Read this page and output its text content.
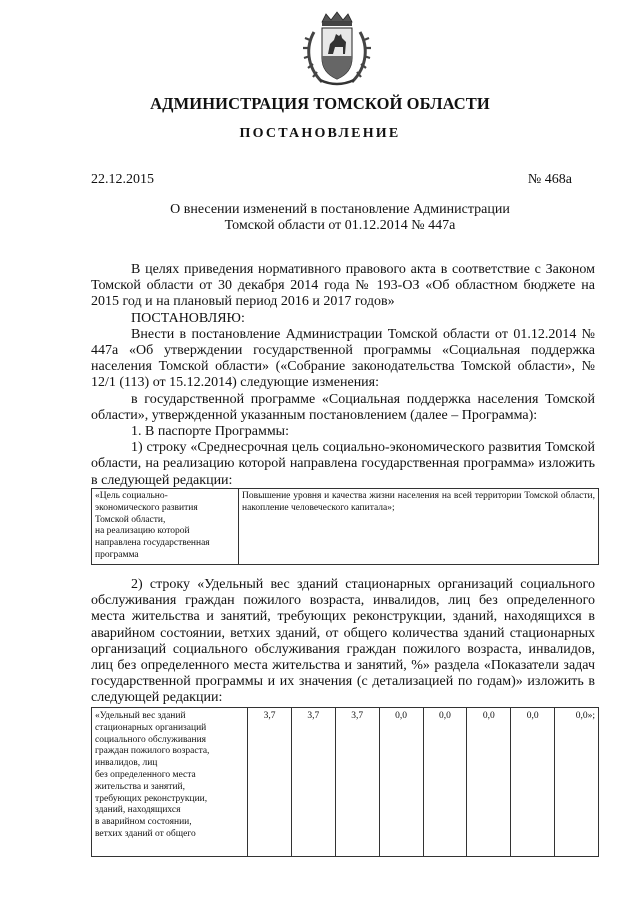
АДМИНИСТРАЦИЯ ТОМСКОЙ ОБЛАСТИ
ПОСТАНОВЛЕНИЕ
22.12.2015	№ 468а
О внесении изменений в постановление Администрации
Томской области от 01.12.2014 № 447а

В целях приведения нормативного правового акта в соответствие с Законом Томской области от 30 декабря 2014 года № 193-ОЗ «Об областном бюджете на 2015 год и на плановый период 2016 и 2017 годов»

ПОСТАНОВЛЯЮ:

Внести в постановление Администрации Томской области от 01.12.2014 № 447а «Об утверждении государственной программы «Социальная поддержка населения Томской области» («Собрание законодательства Томской области», № 12/1 (113) от 15.12.2014) следующие изменения:

в государственной программе «Социальная поддержка населения Томской области», утвержденной указанным постановлением (далее – Программа):

1. В паспорте Программы:

1) строку «Среднесрочная цель социально-экономического развития Томской области, на реализацию которой направлена государственная программа» изложить в следующей редакции:

«Цель социально-
экономического развития
Томской области,
на реализацию которой
направлена государственная
программа
	Повышение уровня и качества жизни населения на всей территории Томской области, накопление человеческого капитала»;

2) строку «Удельный вес зданий стационарных организаций социального обслуживания граждан пожилого возраста, инвалидов, лиц без определенного места жительства и занятий, требующих реконструкции, зданий, находящихся в аварийном состоянии, ветхих зданий, от общего количества зданий стационарных организаций социального обслуживания граждан пожилого возраста, инвалидов, лиц без определенного места жительства и занятий, %» раздела «Показатели задач государственной программы и их значения (с детализацией по годам)» изложить в следующей редакции:

«Удельный вес зданий
стационарных организаций
социального обслуживания
граждан пожилого возраста,
инвалидов, лиц
без определенного места
жительства и занятий,
требующих реконструкции,
зданий, находящихся
в аварийном состоянии,
ветхих зданий от общего
	3,7	3,7	3,7	0,0	0,0	0,0	0,0	0,0»;
